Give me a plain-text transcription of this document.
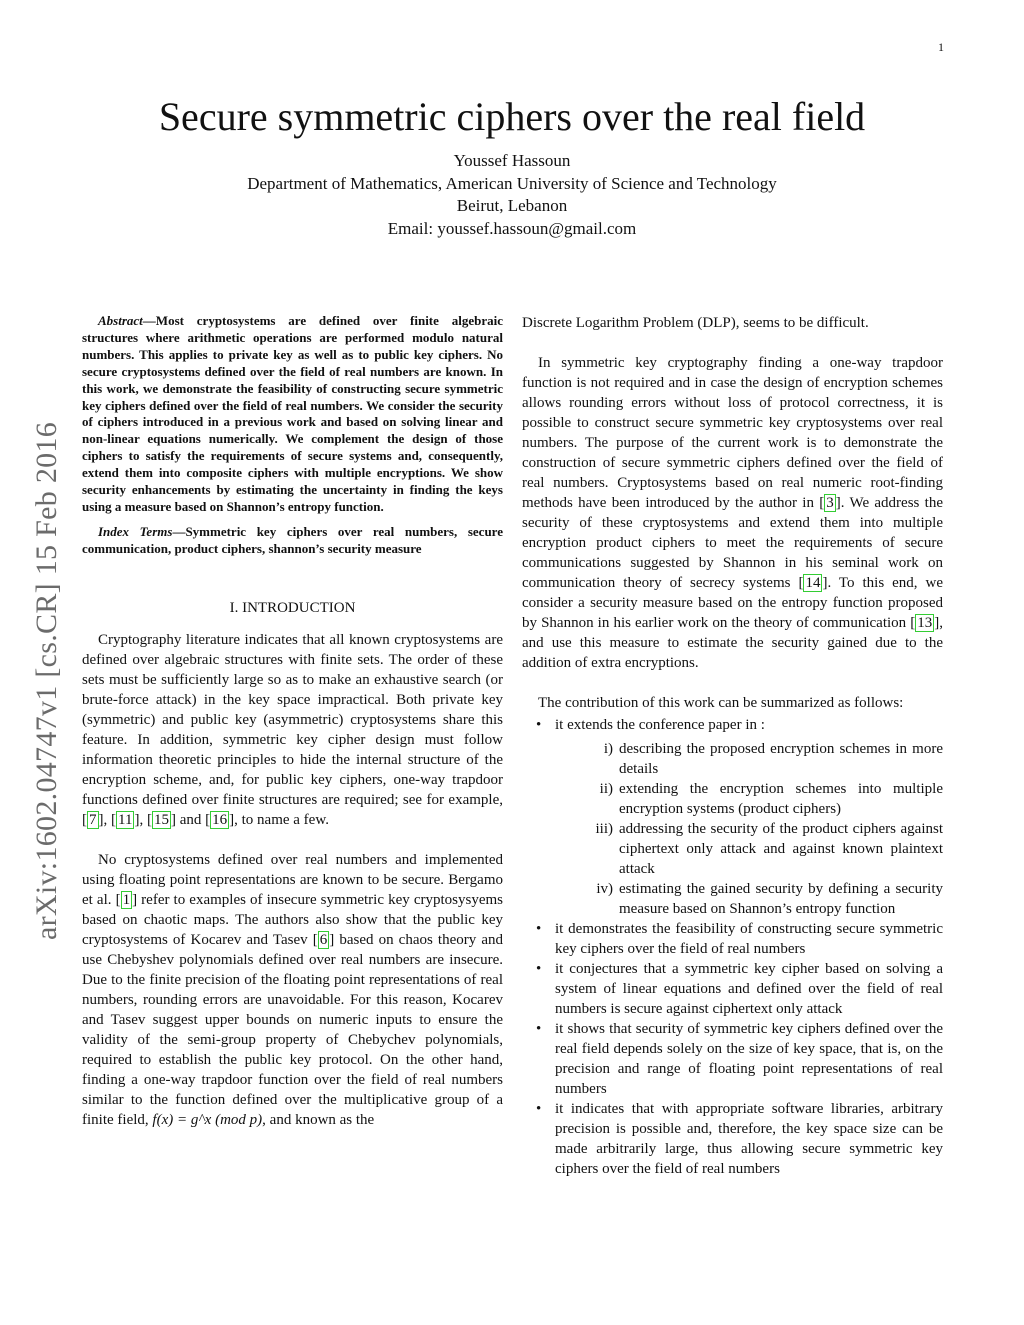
1
arXiv:1602.04747v1 [cs.CR] 15 Feb 2016
Secure symmetric ciphers over the real field
Youssef Hassoun
Department of Mathematics, American University of Science and Technology
Beirut, Lebanon
Email: youssef.hassoun@gmail.com

Abstract—Most cryptosystems are defined over finite algebraic structures where arithmetic operations are performed modulo natural numbers. This applies to private key as well as to public key ciphers. No secure cryptosystems defined over the field of real numbers are known. In this work, we demonstrate the feasibility of constructing secure symmetric key ciphers defined over the field of real numbers. We consider the security of ciphers introduced in a previous work and based on solving linear and non-linear equations numerically. We complement the design of those ciphers to satisfy the requirements of secure systems and, consequently, extend them into composite ciphers with multiple encryptions. We show security enhancements by estimating the uncertainty in finding the keys using a measure based on Shannon’s entropy function.

Index Terms—Symmetric key ciphers over real numbers, secure communication, product ciphers, shannon’s security measure

I. INTRODUCTION

Cryptography literature indicates that all known cryptosystems are defined over algebraic structures with finite sets. The order of these sets must be sufficiently large so as to make an exhaustive search (or brute-force attack) in the key space impractical. Both private key (symmetric) and public key (asymmetric) cryptosystems share this feature. In addition, symmetric key cipher design must follow information theoretic principles to hide the internal structure of the encryption scheme, and, for public key ciphers, one-way trapdoor functions defined over finite structures are required; see for example, [ 7 ], [ 11 ], [ 15 ] and [ 16 ], to name a few.

No cryptosystems defined over real numbers and implemented using floating point representations are known to be secure. Bergamo et al. [ 1 ] refer to examples of insecure symmetric key cryptosysyems based on chaotic maps. The authors also show that the public key cryptosystems of Kocarev and Tasev [ 6 ] based on chaos theory and use Chebyshev polynomials defined over real numbers are insecure. Due to the finite precision of the floating point representations of real numbers, rounding errors are unavoidable. For this reason, Kocarev and Tasev suggest upper bounds on numeric inputs to ensure the validity of the semi-group property of Chebychev polynomials, required to establish the public key protocol. On the other hand, finding a one-way trapdoor function over the field of real numbers similar to the function defined over the multiplicative group of a finite field, f(x) = g^x (mod p), and known as the

Discrete Logarithm Problem (DLP), seems to be difficult.

In symmetric key cryptography finding a one-way trapdoor function is not required and in case the design of encryption schemes allows rounding errors without loss of protocol correctness, it is possible to construct secure symmetric key cryptosystems over real numbers. The purpose of the current work is to demonstrate the construction of secure symmetric ciphers defined over the field of real numbers. Cryptosystems based on real numeric root-finding methods have been introduced by the author in [ 3 ]. We address the security of these cryptosystems and extend them into multiple encryption product ciphers to meet the requirements of secure communications suggested by Shannon in his seminal work on communication theory of secrecy systems [ 14 ]. To this end, we consider a security measure based on the entropy function proposed by Shannon in his earlier work on the theory of communication [ 13 ], and use this measure to estimate the security gained due to the addition of extra encryptions.

The contribution of this work can be summarized as follows:

• it extends the conference paper in :
i) describing the proposed encryption schemes in more details
ii) extending the encryption schemes into multiple encryption systems (product ciphers)
iii) addressing the security of the product ciphers against ciphertext only attack and against known plaintext attack
iv) estimating the gained security by defining a security measure based on Shannon’s entropy function
• it demonstrates the feasibility of constructing secure symmetric key ciphers over the field of real numbers
• it conjectures that a symmetric key cipher based on solving a system of linear equations and defined over the field of real numbers is secure against ciphertext only attack
• it shows that security of symmetric key ciphers defined over the real field depends solely on the size of key space, that is, on the precision and range of floating point representations of real numbers
• it indicates that with appropriate software libraries, arbitrary precision is possible and, therefore, the key space size can be made arbitrarily large, thus allowing secure symmetric key ciphers over the field of real numbers
